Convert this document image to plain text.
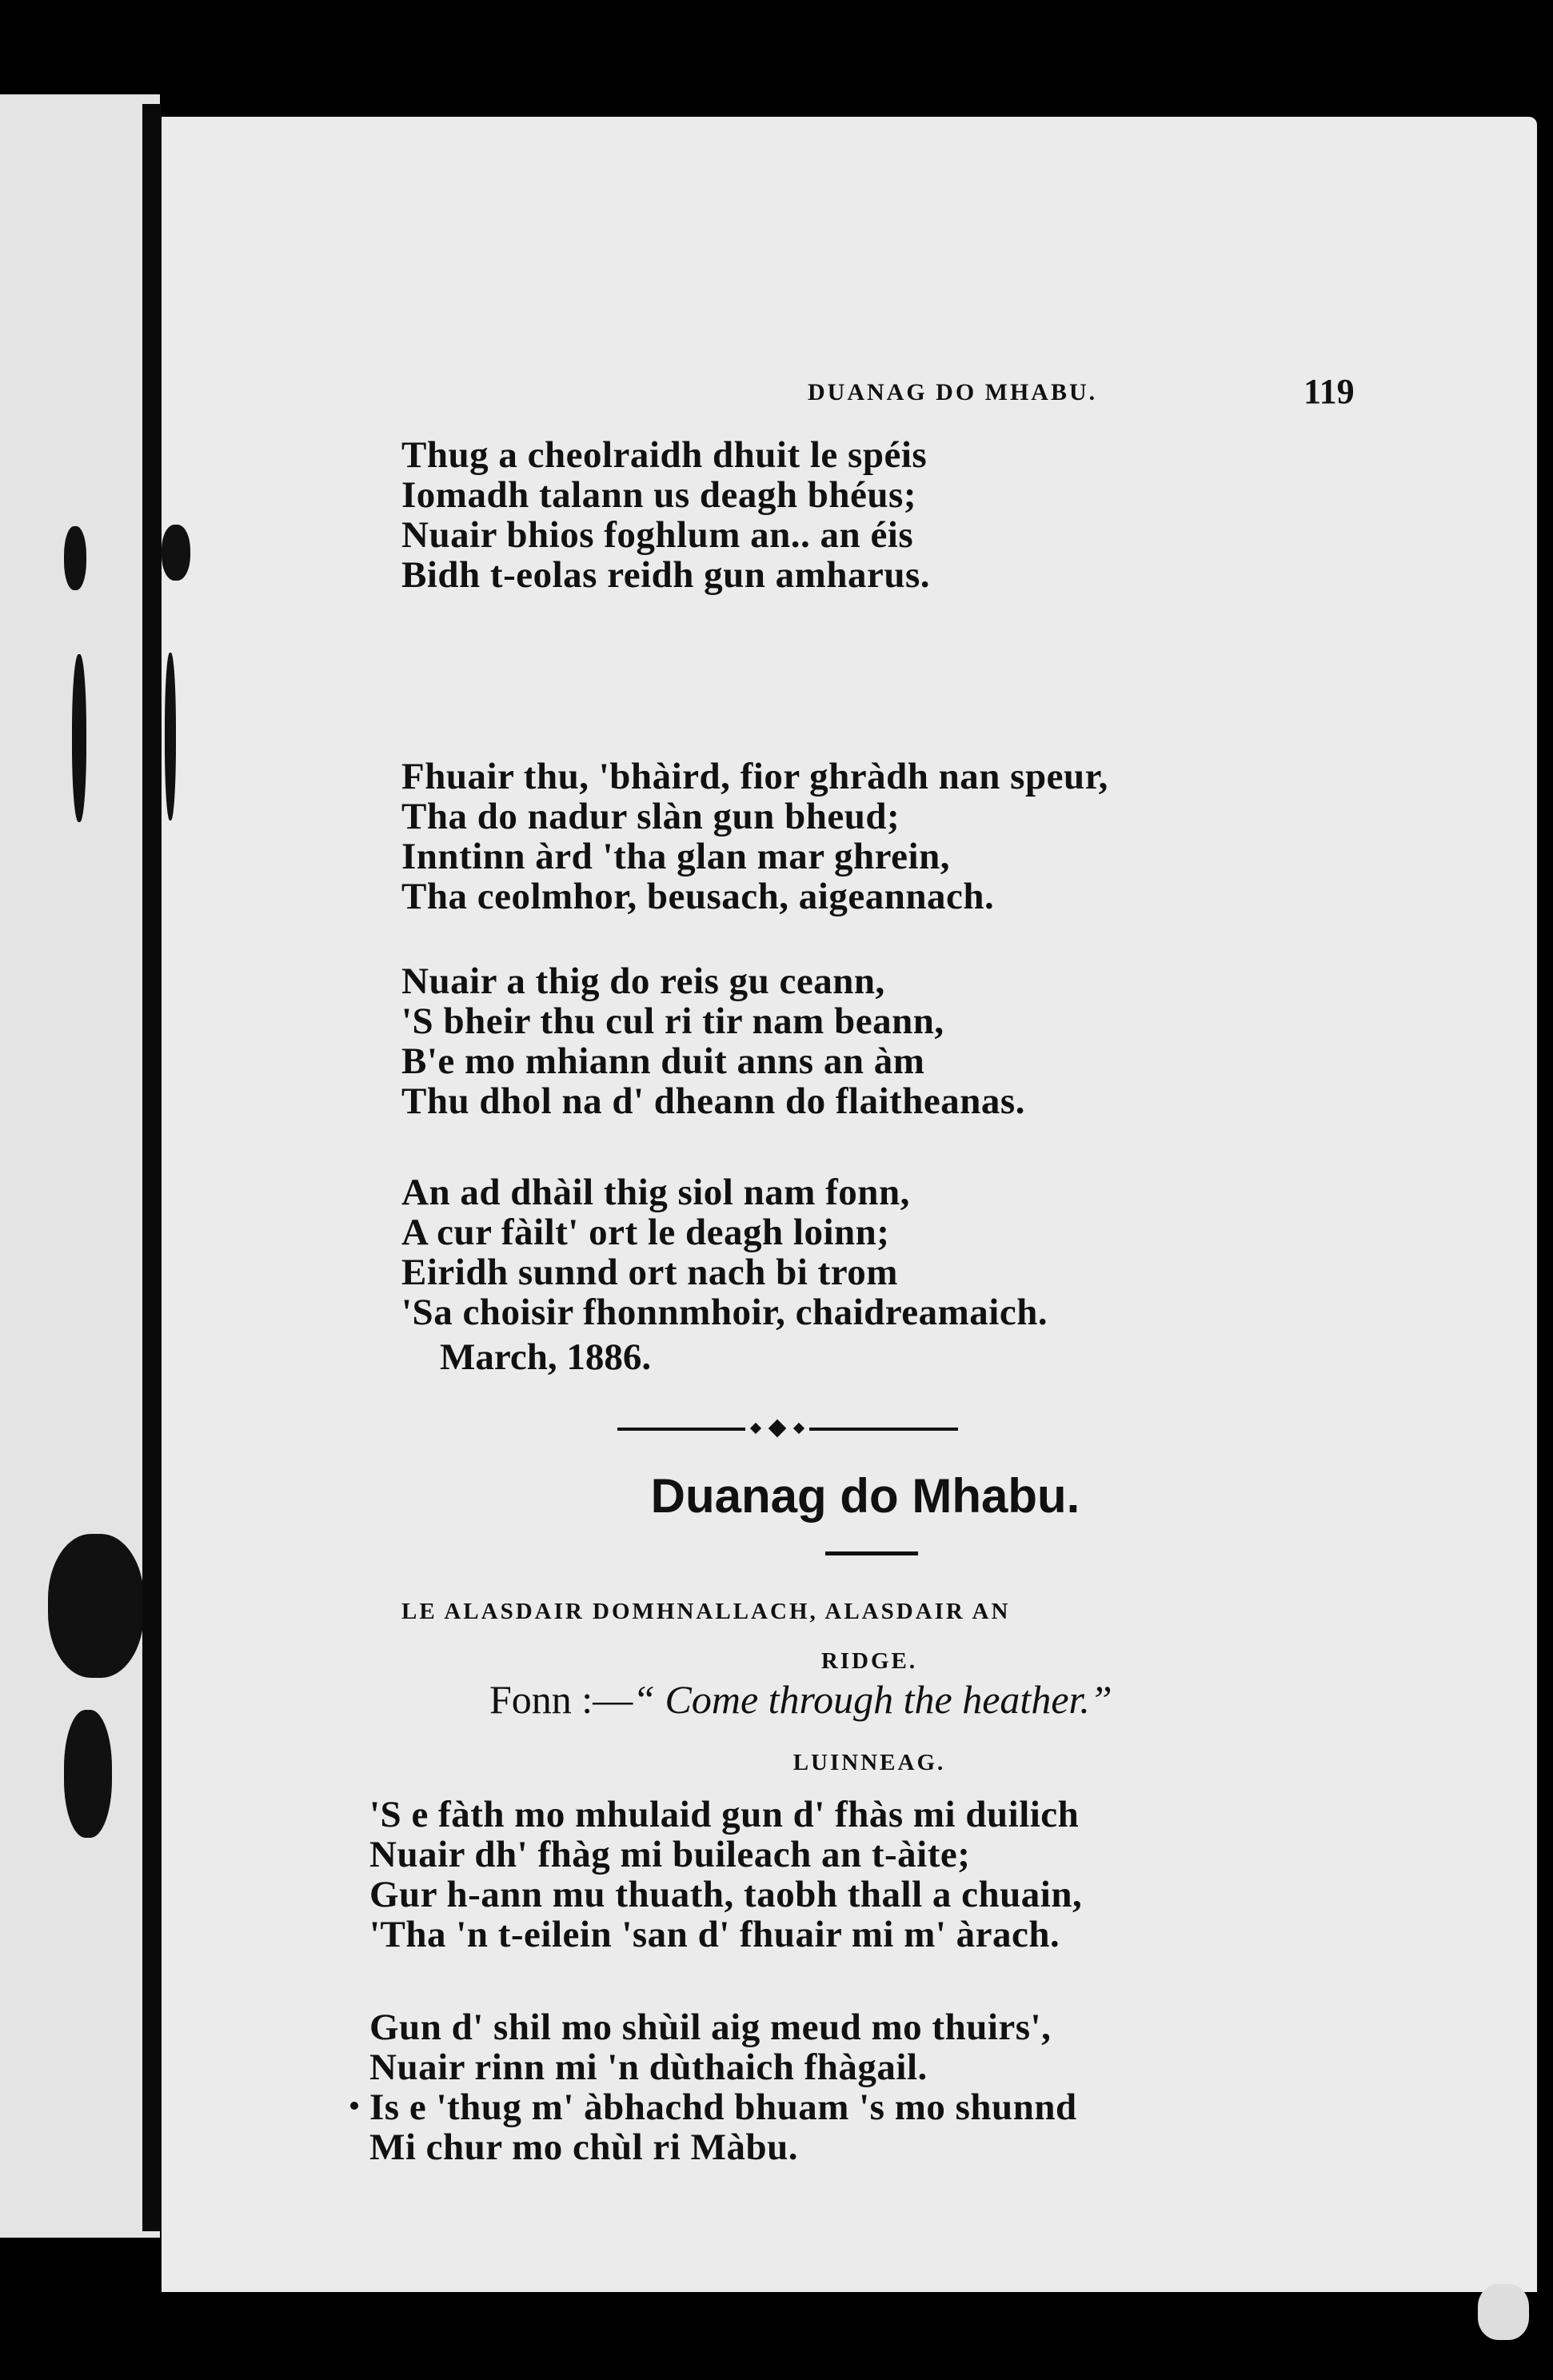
DUANAG DO MHABU.	119
Thug a cheolraidh dhuit le spéis
Iomadh talann us deagh bhéus;
Nuair bhios foghlum an.. an éis
Bidh t-eolas reidh gun amharus.
Fhuair thu, 'bhàird, fior ghràdh nan speur,
Tha do nadur slàn gun bheud;
Inntinn àrd 'tha glan mar ghrein,
Tha ceolmhor, beusach, aigeannach.
Nuair a thig do reis gu ceann,
'S bheir thu cul ri tir nam beann,
B'e mo mhiann duit anns an àm
Thu dhol na d' dheann do flaitheanas.
An ad dhàil thig siol nam fonn,
A cur fàilt' ort le deagh loinn;
Eiridh sunnd ort nach bi trom
'Sa choisir fhonnmhoir, chaidreamaich.
March, 1886.
Duanag do Mhabu.
LE ALASDAIR DOMHNALLACH, ALASDAIR AN
RIDGE.
Fonn :—“ Come through the heather.”
LUINNEAG.
'S e fàth mo mhulaid gun d' fhàs mi duilich
Nuair dh' fhàg mi buileach an t-àite;
Gur h-ann mu thuath, taobh thall a chuain,
'Tha 'n t-eilein 'san d' fhuair mi m' àrach.
Gun d' shil mo shùil aig meud mo thuirs',
Nuair rinn mi 'n dùthaich fhàgail.
Is e 'thug m' àbhachd bhuam 's mo shunnd
Mi chur mo chùl ri Màbu.
